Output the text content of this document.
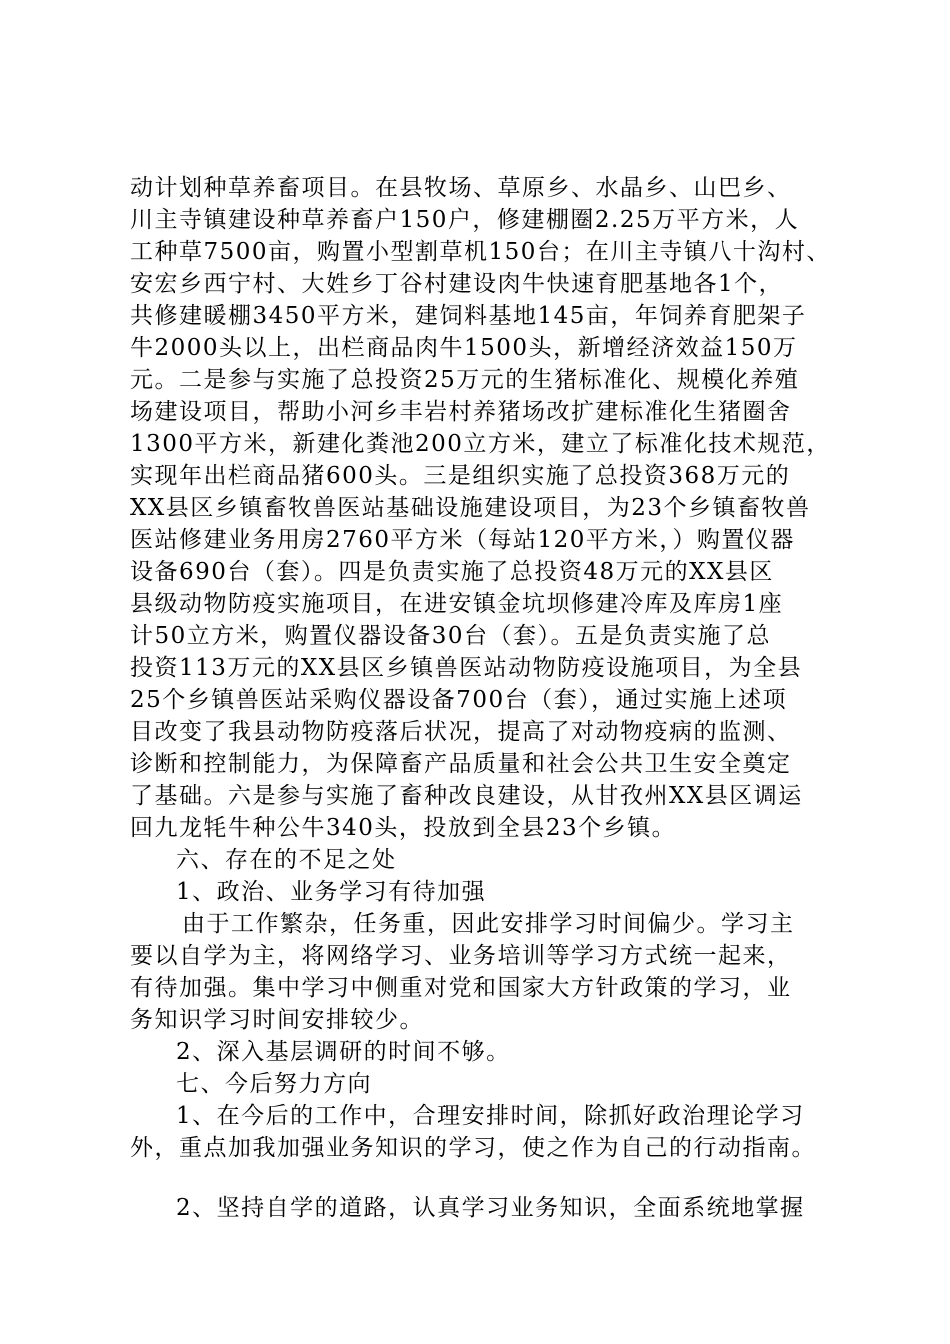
动计划种草养畜项目。在县牧场、草原乡、水晶乡、山巴乡、
川主寺镇建设种草养畜户150户，修建棚圈2.25万平方米，人
工种草7500亩，购置小型割草机150台；在川主寺镇八十沟村、
安宏乡西宁村、大姓乡丁谷村建设肉牛快速育肥基地各1个，
共修建暖棚3450平方米，建饲料基地145亩，年饲养育肥架子
牛2000头以上，出栏商品肉牛1500头，新增经济效益150万
元。二是参与实施了总投资25万元的生猪标准化、规模化养殖
场建设项目，帮助小河乡丰岩村养猪场改扩建标准化生猪圈舍
1300平方米，新建化粪池200立方米，建立了标准化技术规范，
实现年出栏商品猪600头。三是组织实施了总投资368万元的
XX县区乡镇畜牧兽医站基础设施建设项目，为23个乡镇畜牧兽
医站修建业务用房2760平方米（每站120平方米，）购置仪器
设备690台（套）。四是负责实施了总投资48万元的XX县区
县级动物防疫实施项目，在进安镇金坑坝修建冷库及库房1座
计50立方米，购置仪器设备30台（套）。五是负责实施了总
投资113万元的XX县区乡镇兽医站动物防疫设施项目，为全县
25个乡镇兽医站采购仪器设备700台（套），通过实施上述项
目改变了我县动物防疫落后状况，提高了对动物疫病的监测、
诊断和控制能力，为保障畜产品质量和社会公共卫生安全奠定
了基础。六是参与实施了畜种改良建设，从甘孜州XX县区调运
回九龙牦牛种公牛340头，投放到全县23个乡镇。
六、存在的不足之处
1、政治、业务学习有待加强
由于工作繁杂，任务重，因此安排学习时间偏少。学习主
要以自学为主，将网络学习、业务培训等学习方式统一起来，
有待加强。集中学习中侧重对党和国家大方针政策的学习，业
务知识学习时间安排较少。
2、深入基层调研的时间不够。
七、今后努力方向
1、在今后的工作中，合理安排时间，除抓好政治理论学习
外，重点加我加强业务知识的学习，使之作为自己的行动指南。
2、坚持自学的道路，认真学习业务知识，全面系统地掌握
